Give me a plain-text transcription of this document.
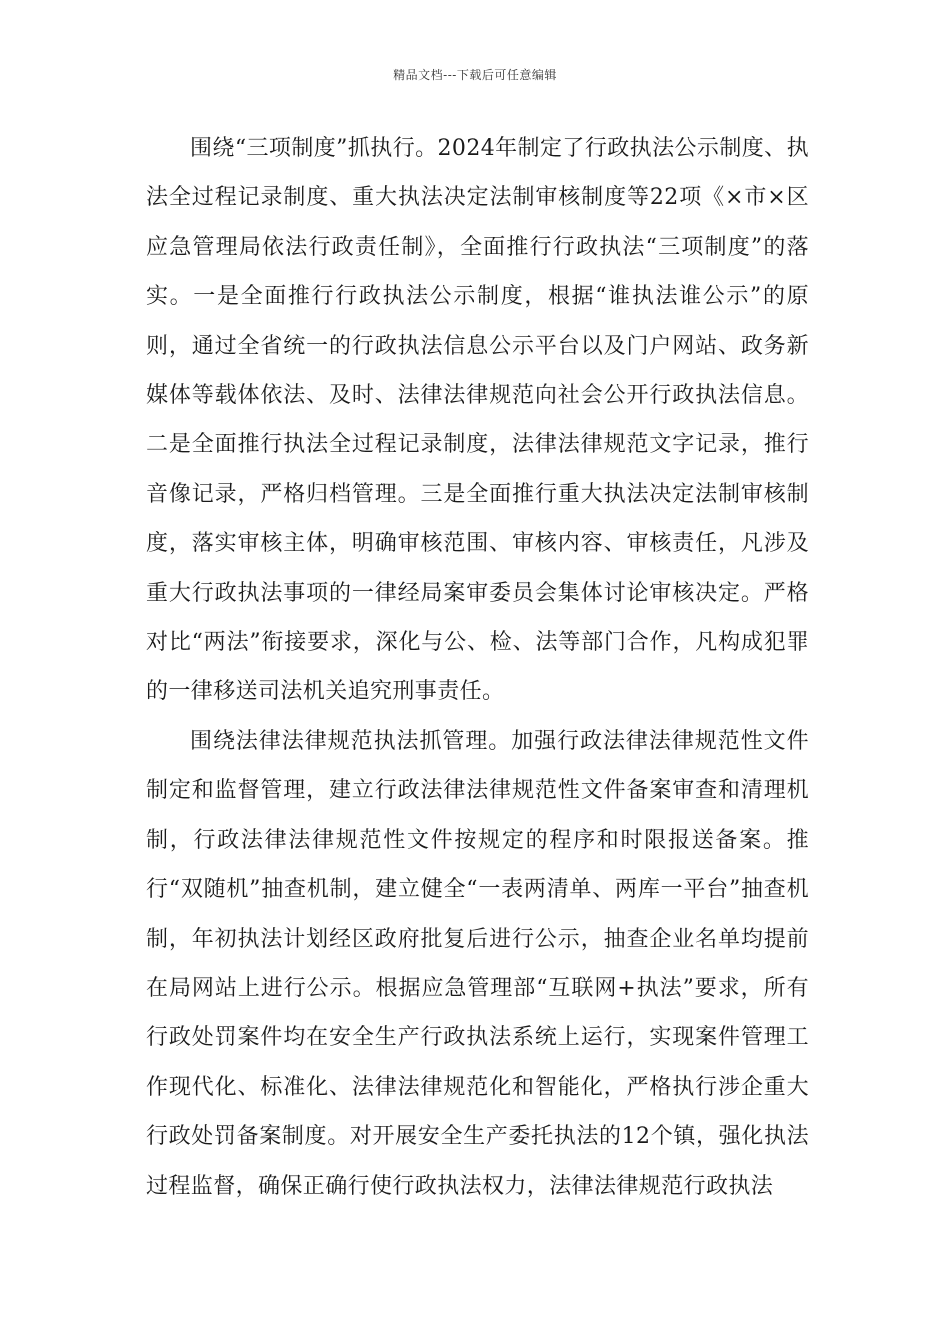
精品文档---下载后可任意编辑

围绕“三项制度”抓执行。2024年制定了行政执法公示制度、执法全过程记录制度、重大执法决定法制审核制度等22项《×市×区应急管理局依法行政责任制》，全面推行行政执法“三项制度”的落实。一是全面推行行政执法公示制度，根据“谁执法谁公示”的原则，通过全省统一的行政执法信息公示平台以及门户网站、政务新媒体等载体依法、及时、法律法律规范向社会公开行政执法信息。二是全面推行执法全过程记录制度，法律法律规范文字记录，推行音像记录，严格归档管理。三是全面推行重大执法决定法制审核制度，落实审核主体，明确审核范围、审核内容、审核责任，凡涉及重大行政执法事项的一律经局案审委员会集体讨论审核决定。严格对比“两法”衔接要求，深化与公、检、法等部门合作，凡构成犯罪的一律移送司法机关追究刑事责任。

围绕法律法律规范执法抓管理。加强行政法律法律规范性文件制定和监督管理，建立行政法律法律规范性文件备案审查和清理机制，行政法律法律规范性文件按规定的程序和时限报送备案。推行“双随机”抽查机制，建立健全“一表两清单、两库一平台”抽查机制，年初执法计划经区政府批复后进行公示，抽查企业名单均提前在局网站上进行公示。根据应急管理部“互联网+执法”要求，所有行政处罚案件均在安全生产行政执法系统上运行，实现案件管理工作现代化、标准化、法律法律规范化和智能化，严格执行涉企重大行政处罚备案制度。对开展安全生产委托执法的12个镇，强化执法过程监督，确保正确行使行政执法权力，法律法律规范行政执法
